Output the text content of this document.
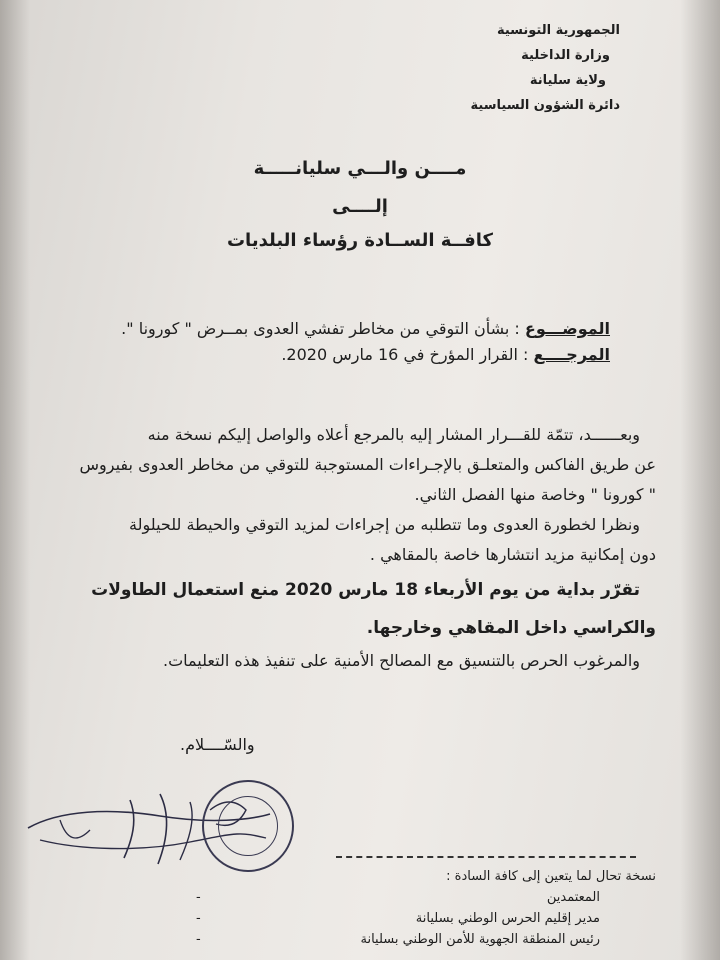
الجمهورية التونسية
وزارة الداخلية
ولاية سليانة
دائرة الشؤون السياسية
مــــن والـــي سليانـــــة
إلــــى
كافــة الســادة رؤساء البلديات
الموضـــوع : بشأن التوقي من مخاطر تفشي العدوى بمــرض " كورونا ".
المرجــــع : القرار المؤرخ في 16 مارس 2020.
وبعــــــد، تتمّة للقـــرار المشار إليه بالمرجع أعلاه والواصل إليكم نسخة منه
عن طريق الفاكس والمتعلـق بالإجـراءات المستوجبة للتوقي من مخاطر العدوى بفيروس
" كورونا " وخاصة منها الفصل الثاني.
ونظرا لخطورة العدوى وما تتطلبه من إجراءات لمزيد التوقي والحيطة للحيلولة
دون إمكانية مزيد انتشارها خاصة بالمقاهي .
تقرّر بداية من يوم الأربعاء 18 مارس 2020 منع استعمال الطاولات
والكراسي داخل المقاهي وخارجها.
والمرغوب الحرص بالتنسيق مع المصالح الأمنية على تنفيذ هذه التعليمات.
والسّــــلام.
نسخة تحال لما يتعين إلى كافة السادة :
المعتمدين
-
مدير إقليم الحرس الوطني بسليانة
-
رئيس المنطقة الجهوية للأمن الوطني بسليانة
-
